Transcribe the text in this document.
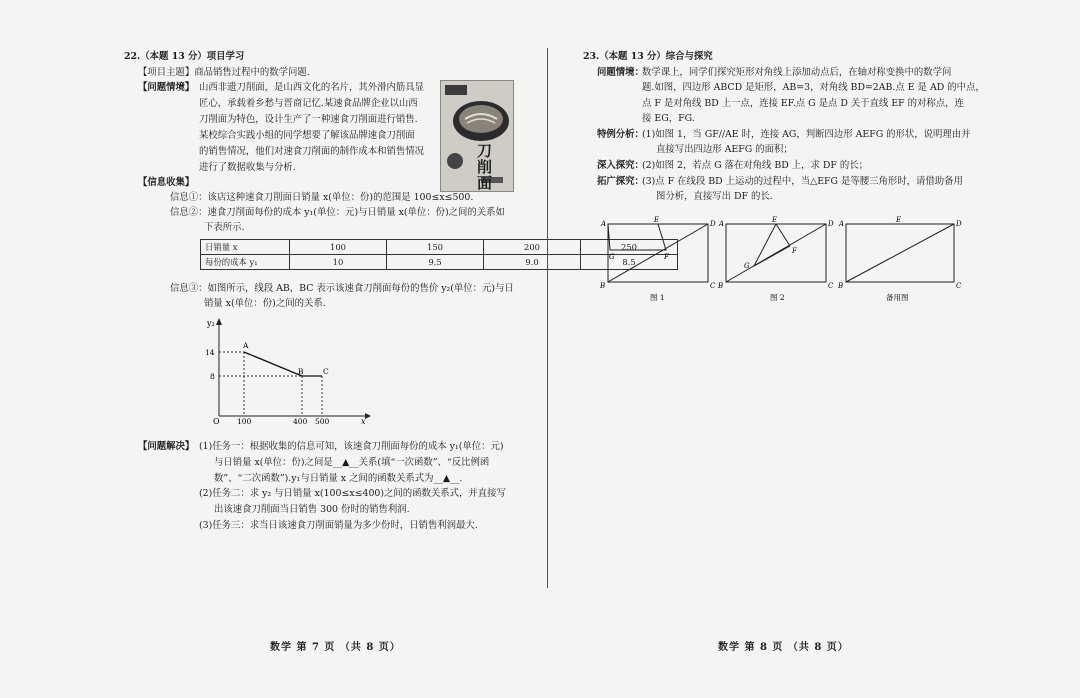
22.（本题 13 分）项目学习
【项目主题】商品销售过程中的数学问题.
【问题情境】 山西非遗刀削面，是山西文化的名片，其外滑内筋具显
匠心，承载着乡愁与晋商记忆.某速食品牌企业以山西
刀削面为特色，设计生产了一种速食刀削面进行销售.
某校综合实践小组的同学想要了解该品牌速食刀削面
的销售情况，他们对速食刀削面的制作成本和销售情况
进行了数据收集与分析.
刀削面
【信息收集】
信息①：该店这种速食刀削面日销量 x(单位：份)的范围是 100≤x≤500.
信息②：速食刀削面每份的成本 y₁(单位：元)与日销量 x(单位：份)之间的关系如
下表所示.
日销量 x	100	150	200	250
每份的成本 y₁	10	9.5	9.0	8.5
信息③：如图所示，线段 AB，BC 表示该速食刀削面每份的售价 y₂(单位：元)与日
销量 x(单位：份)之间的关系.
y₂
x
O
A
B	C
14
8
100	400 500
【问题解决】 (1)任务一：根据收集的信息可知，该速食刀削面每份的成本 y₁(单位：元)
与日销量 x(单位：份)之间是__▲__关系(填“一次函数”、“反比例函
数”、“二次函数”).y₁与日销量 x 之间的函数关系式为__▲__.
(2)任务二：求 y₂ 与日销量 x(100≤x≤400)之间的函数关系式，并直接写
出该速食刀削面当日销售 300 份时的销售利润.
(3)任务三：求当日该速食刀削面销量为多少份时，日销售利润最大.
数学 第 7 页 （共 8 页）
23.（本题 13 分）综合与探究
问题情境：
数学课上，同学们探究矩形对角线上添加动点后，在轴对称变换中的数学问
题.如图，四边形 ABCD 是矩形，AB=3，对角线 BD=2AB.点 E 是 AD 的中点，
点 F 是对角线 BD 上一点，连接 EF.点 G 是点 D 关于直线 EF 的对称点，连
接 EG，FG.
特例分析：
(1)如图 1，当 GF//AE 时，连接 AG，判断四边形 AEFG 的形状，说明理由并
直接写出四边形 AEFG 的面积；
深入探究：
(2)如图 2，若点 G 落在对角线 BD 上，求 DF 的长；
拓广探究：
(3)点 F 在线段 BD 上运动的过程中，当△EFG 是等腰三角形时，请借助备用
图分析，直接写出 DF 的长.
A	E	D
G	F
B	C
图 1
A	E	D
G
F
B	C
图 2
A	E	D
B	C
备用图
数学 第 8 页 （共 8 页）
